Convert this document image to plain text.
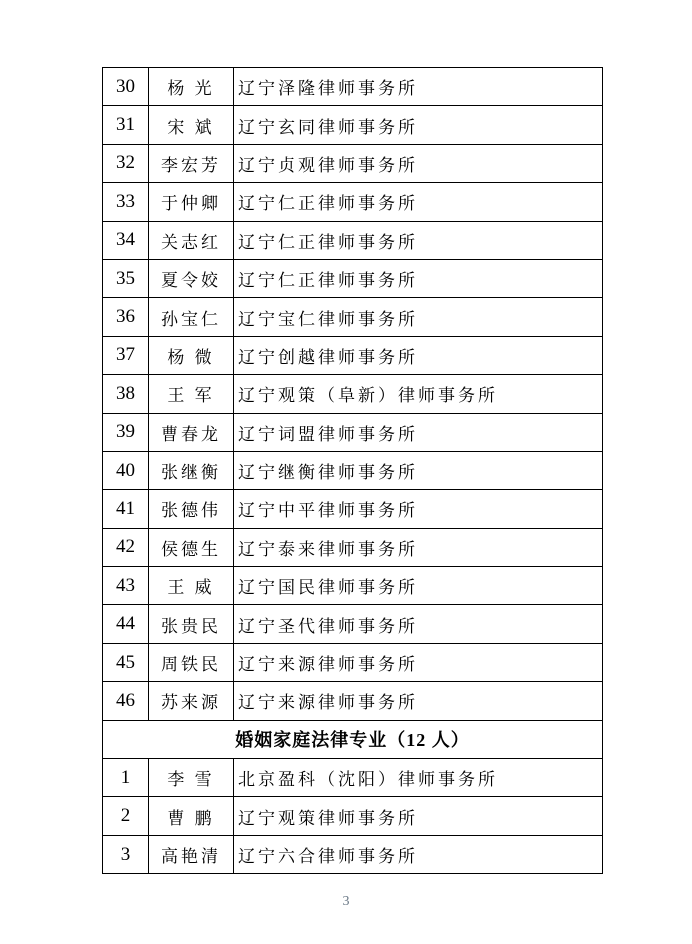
30	杨 光	辽宁泽隆律师事务所
31	宋 斌	辽宁玄同律师事务所
32	李宏芳	辽宁贞观律师事务所
33	于仲卿	辽宁仁正律师事务所
34	关志红	辽宁仁正律师事务所
35	夏令姣	辽宁仁正律师事务所
36	孙宝仁	辽宁宝仁律师事务所
37	杨 微	辽宁创越律师事务所
38	王 军	辽宁观策（阜新）律师事务所
39	曹春龙	辽宁词盟律师事务所
40	张继衡	辽宁继衡律师事务所
41	张德伟	辽宁中平律师事务所
42	侯德生	辽宁泰来律师事务所
43	王 威	辽宁国民律师事务所
44	张贵民	辽宁圣代律师事务所
45	周铁民	辽宁来源律师事务所
46	苏来源	辽宁来源律师事务所
婚姻家庭法律专业（12 人）		
1	李 雪	北京盈科（沈阳）律师事务所
2	曹 鹏	辽宁观策律师事务所
3	高艳清	辽宁六合律师事务所
3
